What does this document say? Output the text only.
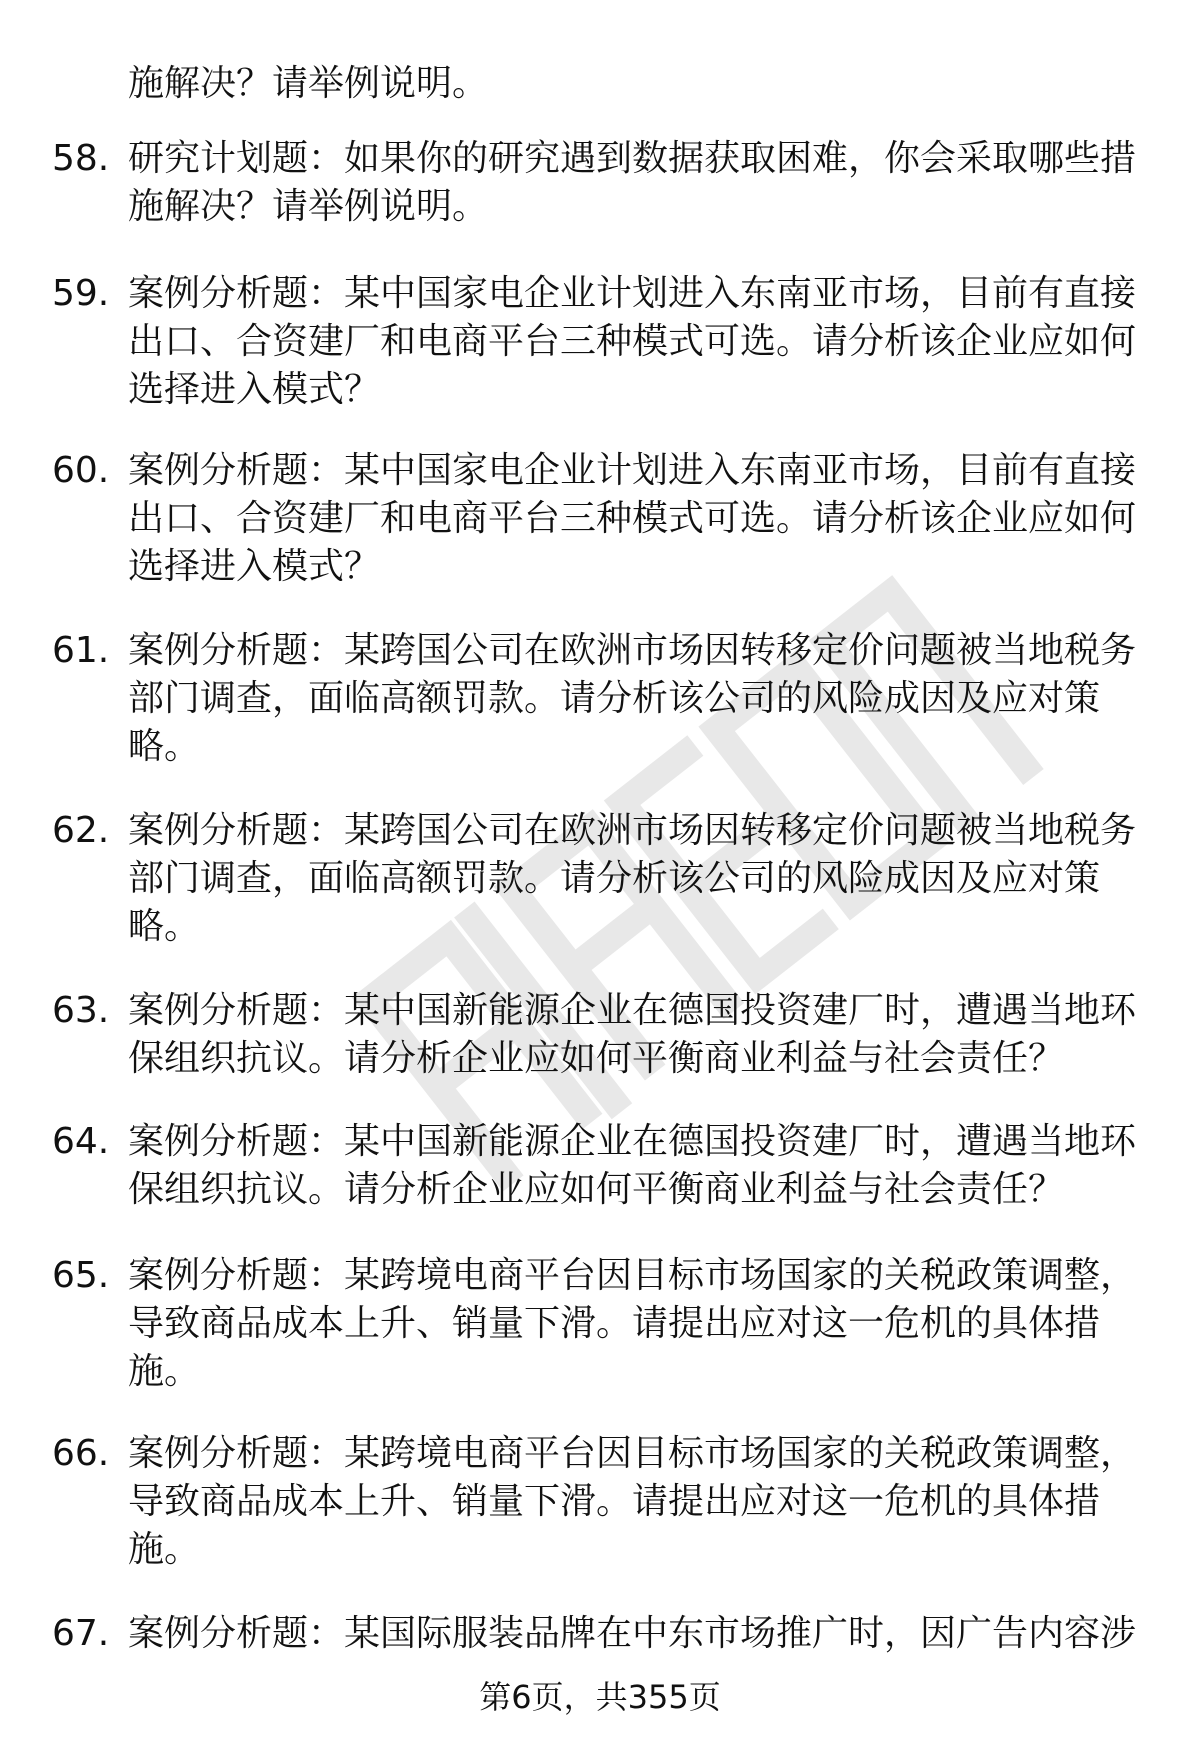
施解决？请举例说明。
58. 研究计划题：如果你的研究遇到数据获取困难，你会采取哪些措
施解决？请举例说明。
59. 案例分析题：某中国家电企业计划进入东南亚市场，目前有直接
出口、合资建厂和电商平台三种模式可选。请分析该企业应如何
选择进入模式？
60. 案例分析题：某中国家电企业计划进入东南亚市场，目前有直接
出口、合资建厂和电商平台三种模式可选。请分析该企业应如何
选择进入模式？
61. 案例分析题：某跨国公司在欧洲市场因转移定价问题被当地税务
部门调查，面临高额罚款。请分析该公司的风险成因及应对策
略。
62. 案例分析题：某跨国公司在欧洲市场因转移定价问题被当地税务
部门调查，面临高额罚款。请分析该公司的风险成因及应对策
略。
63. 案例分析题：某中国新能源企业在德国投资建厂时，遭遇当地环
保组织抗议。请分析企业应如何平衡商业利益与社会责任？
64. 案例分析题：某中国新能源企业在德国投资建厂时，遭遇当地环
保组织抗议。请分析企业应如何平衡商业利益与社会责任？
65. 案例分析题：某跨境电商平台因目标市场国家的关税政策调整，
导致商品成本上升、销量下滑。请提出应对这一危机的具体措
施。
66. 案例分析题：某跨境电商平台因目标市场国家的关税政策调整，
导致商品成本上升、销量下滑。请提出应对这一危机的具体措
施。
67. 案例分析题：某国际服装品牌在中东市场推广时，因广告内容涉
第6页，共355页
